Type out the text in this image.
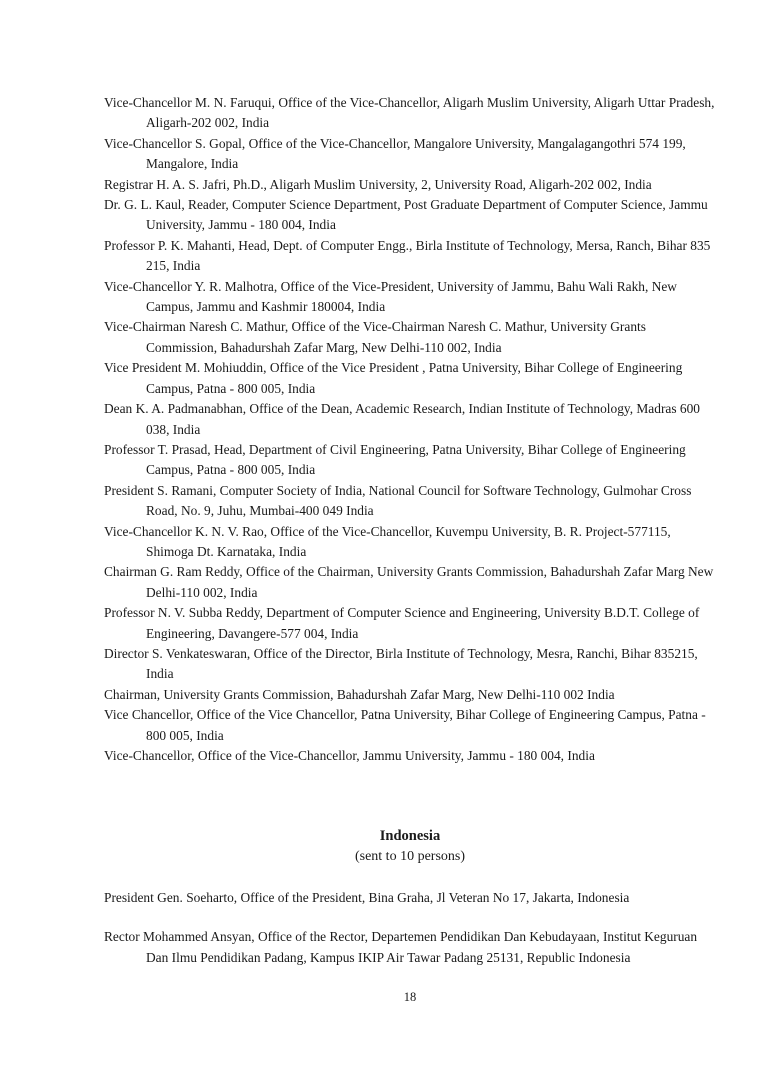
Vice-Chancellor M. N. Faruqui, Office of the Vice-Chancellor, Aligarh Muslim University, Aligarh Uttar Pradesh, Aligarh-202 002, India
Vice-Chancellor S. Gopal, Office of the Vice-Chancellor, Mangalore University, Mangalagangothri 574 199, Mangalore, India
Registrar H. A. S. Jafri, Ph.D., Aligarh Muslim University, 2, University Road, Aligarh-202 002, India
Dr. G. L. Kaul, Reader, Computer Science Department, Post Graduate Department of Computer Science, Jammu University, Jammu - 180 004, India
Professor P. K. Mahanti, Head, Dept. of Computer Engg., Birla Institute of Technology, Mersa, Ranch, Bihar 835 215, India
Vice-Chancellor Y. R. Malhotra, Office of the Vice-President, University of Jammu, Bahu Wali Rakh, New Campus, Jammu and Kashmir 180004, India
Vice-Chairman Naresh C. Mathur, Office of the Vice-Chairman Naresh C. Mathur, University Grants Commission, Bahadurshah Zafar Marg, New Delhi-110 002, India
Vice President M. Mohiuddin, Office of the Vice President , Patna University, Bihar College of Engineering Campus, Patna - 800 005, India
Dean K. A. Padmanabhan, Office of the Dean, Academic Research, Indian Institute of Technology, Madras 600 038, India
Professor T. Prasad, Head, Department of Civil Engineering, Patna University, Bihar College of Engineering Campus, Patna - 800 005, India
President S. Ramani, Computer Society of India, National Council for Software Technology, Gulmohar Cross Road, No. 9, Juhu, Mumbai-400 049 India
Vice-Chancellor K. N. V. Rao, Office of the Vice-Chancellor, Kuvempu University, B. R. Project-577115, Shimoga Dt. Karnataka, India
Chairman G. Ram Reddy, Office of the Chairman, University Grants Commission, Bahadurshah Zafar Marg New Delhi-110 002, India
Professor N. V. Subba Reddy, Department of Computer Science and Engineering, University B.D.T. College of Engineering, Davangere-577 004, India
Director S. Venkateswaran, Office of the Director, Birla Institute of Technology, Mesra, Ranchi, Bihar 835215, India
Chairman, University Grants Commission, Bahadurshah Zafar Marg, New Delhi-110 002 India
Vice Chancellor, Office of the Vice Chancellor, Patna University, Bihar College of Engineering Campus, Patna - 800 005, India
Vice-Chancellor, Office of the Vice-Chancellor, Jammu University, Jammu - 180 004, India
Indonesia

(sent to 10 persons)

President Gen. Soeharto, Office of the President, Bina Graha, Jl Veteran No 17, Jakarta, Indonesia
Rector Mohammed Ansyan, Office of the Rector, Departemen Pendidikan Dan Kebudayaan, Institut Keguruan Dan Ilmu Pendidikan Padang, Kampus IKIP Air Tawar Padang 25131, Republic Indonesia

18
